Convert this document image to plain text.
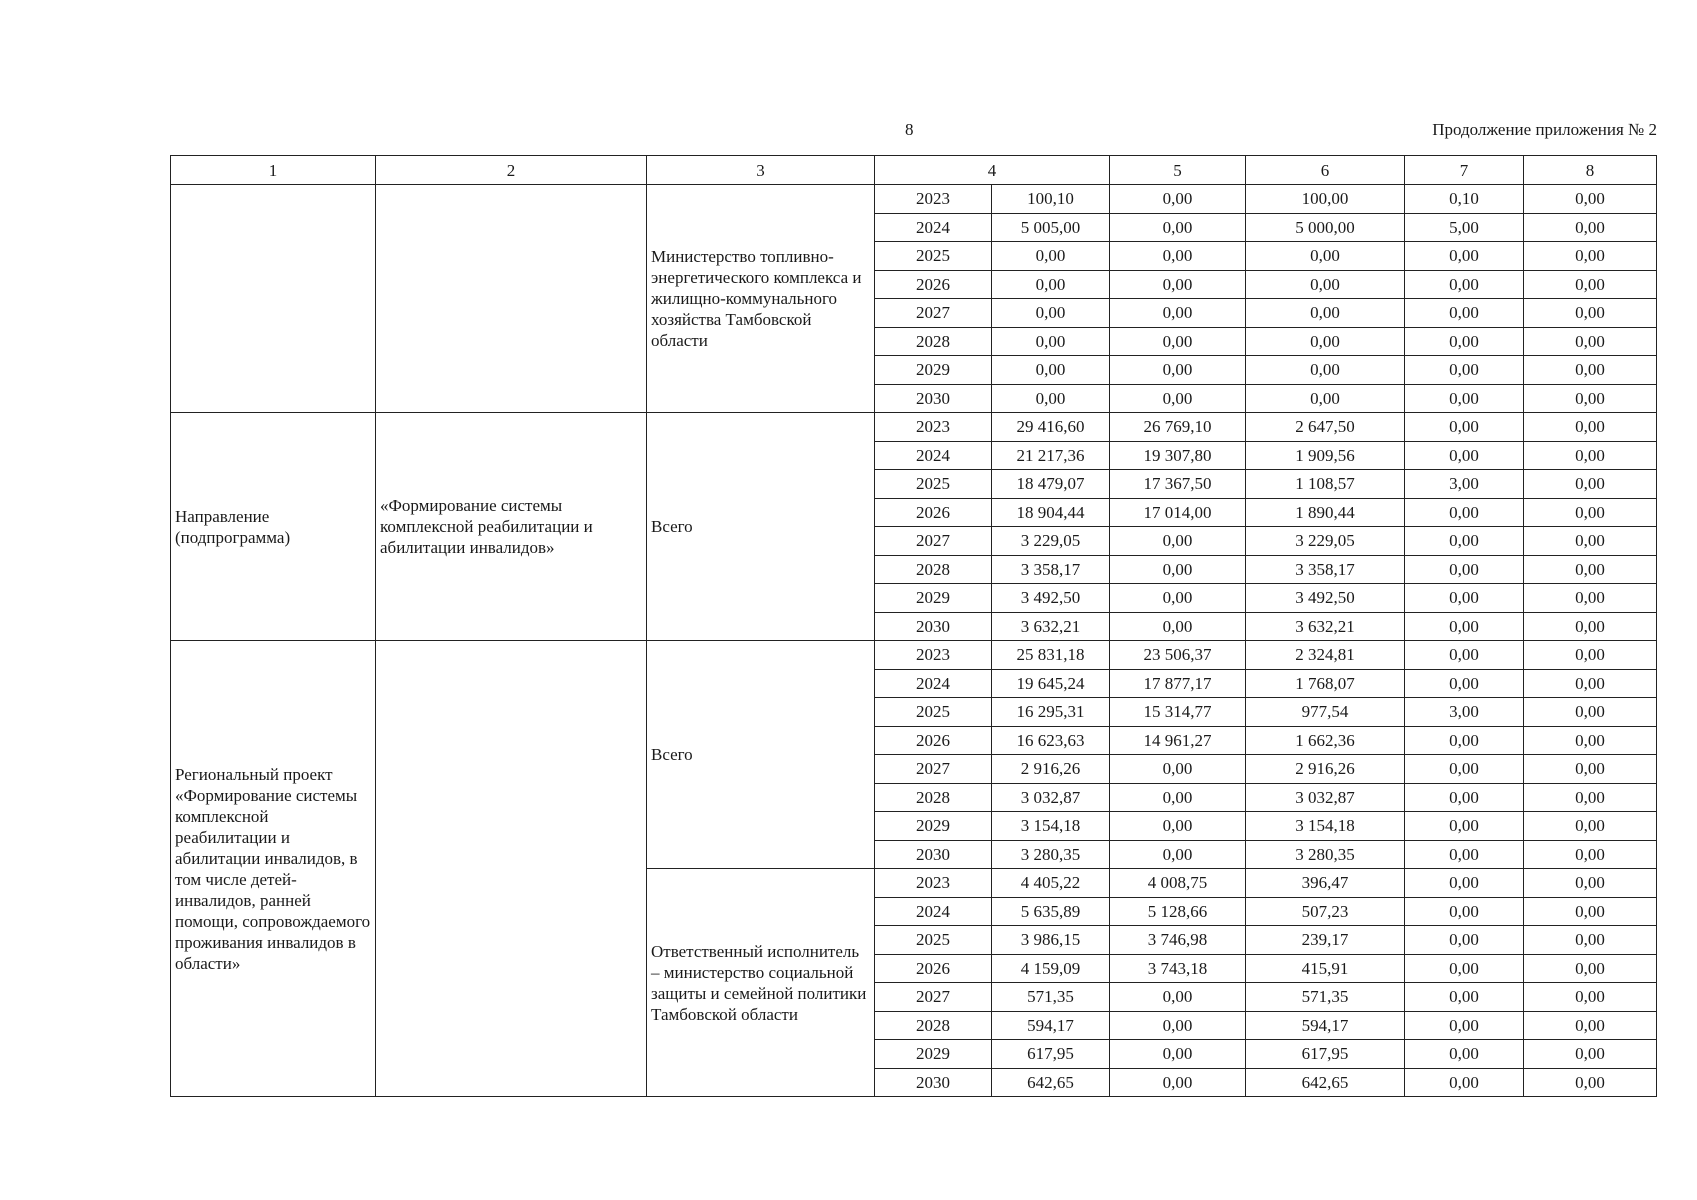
8	Продолжение приложения № 2
1	2	3	4		5	6	7	8
		Министерство топливно-энергетического комплекса и жилищно-коммунального хозяйства Тамбовской области	2023	100,10	0,00	100,00	0,10	0,00
			2024	5 005,00	0,00	5 000,00	5,00	0,00
			2025	0,00	0,00	0,00	0,00	0,00
			2026	0,00	0,00	0,00	0,00	0,00
			2027	0,00	0,00	0,00	0,00	0,00
			2028	0,00	0,00	0,00	0,00	0,00
			2029	0,00	0,00	0,00	0,00	0,00
			2030	0,00	0,00	0,00	0,00	0,00
Направление (подпрограмма)	«Формирование системы комплексной реабилитации и абилитации инвалидов»	Всего	2023	29 416,60	26 769,10	2 647,50	0,00	0,00
			2024	21 217,36	19 307,80	1 909,56	0,00	0,00
			2025	18 479,07	17 367,50	1 108,57	3,00	0,00
			2026	18 904,44	17 014,00	1 890,44	0,00	0,00
			2027	3 229,05	0,00	3 229,05	0,00	0,00
			2028	3 358,17	0,00	3 358,17	0,00	0,00
			2029	3 492,50	0,00	3 492,50	0,00	0,00
			2030	3 632,21	0,00	3 632,21	0,00	0,00
Региональный проект «Формирование системы комплексной реабилитации и абилитации инвалидов, в том числе детей-инвалидов, ранней помощи, сопровождаемого проживания инвалидов в области»		Всего	2023	25 831,18	23 506,37	2 324,81	0,00	0,00
			2024	19 645,24	17 877,17	1 768,07	0,00	0,00
			2025	16 295,31	15 314,77	977,54	3,00	0,00
			2026	16 623,63	14 961,27	1 662,36	0,00	0,00
			2027	2 916,26	0,00	2 916,26	0,00	0,00
			2028	3 032,87	0,00	3 032,87	0,00	0,00
			2029	3 154,18	0,00	3 154,18	0,00	0,00
			2030	3 280,35	0,00	3 280,35	0,00	0,00
		Ответственный исполнитель – министерство социальной защиты и семейной политики Тамбовской области	2023	4 405,22	4 008,75	396,47	0,00	0,00
			2024	5 635,89	5 128,66	507,23	0,00	0,00
			2025	3 986,15	3 746,98	239,17	0,00	0,00
			2026	4 159,09	3 743,18	415,91	0,00	0,00
			2027	571,35	0,00	571,35	0,00	0,00
			2028	594,17	0,00	594,17	0,00	0,00
			2029	617,95	0,00	617,95	0,00	0,00
			2030	642,65	0,00	642,65	0,00	0,00
